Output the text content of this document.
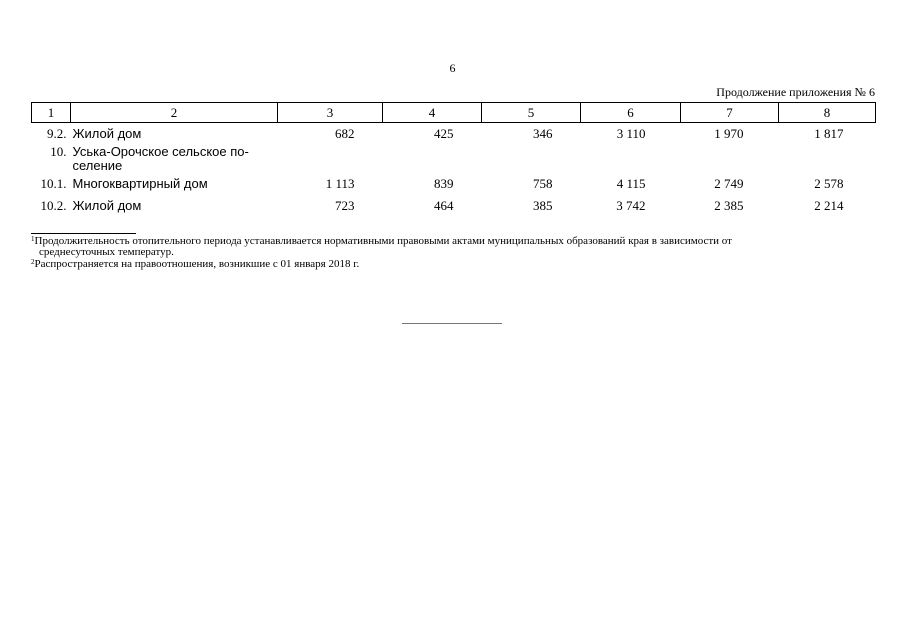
6
Продолжение приложения № 6
1	2	3	4	5	6	7	8
9.2.	Жилой дом	682	425	346	3 110	1 970	1 817
10.	Уська-Орочское сельское по-
селение						

10.1.	Многоквартирный дом	1 113	839	758	4 115	2 749	2 578
10.2.	Жилой дом	723	464	385	3 742	2 385	2 214
$^1$Продолжительность отопительного периода устанавливается нормативными правовыми актами муниципальных образований края в зависимости от
среднесуточных температур.
$^2$Распространяется на правоотношения, возникшие с 01 января 2018 г.
